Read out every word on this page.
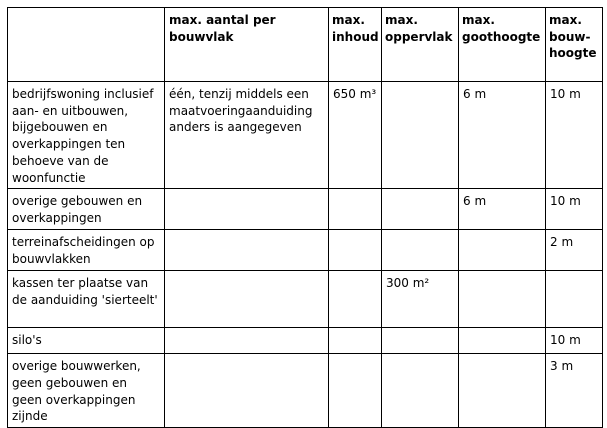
	max. aantal per bouwvlak	max. inhoud	max. oppervlak	max. goothoogte	max. bouw-hoogte
bedrijfswoning inclusief aan- en uitbouwen, bijgebouwen en overkappingen ten behoeve van de woonfunctie	één, tenzij middels een maatvoeringaanduiding anders is aangegeven	650 m³		6 m	10 m
overige gebouwen en overkappingen				6 m	10 m
terreinafscheidingen op bouwvlakken					2 m
kassen ter plaatse van de aanduiding 'sierteelt'			300 m²		
silo's					10 m
overige bouwwerken, geen gebouwen en geen overkappingen zijnde					3 m
